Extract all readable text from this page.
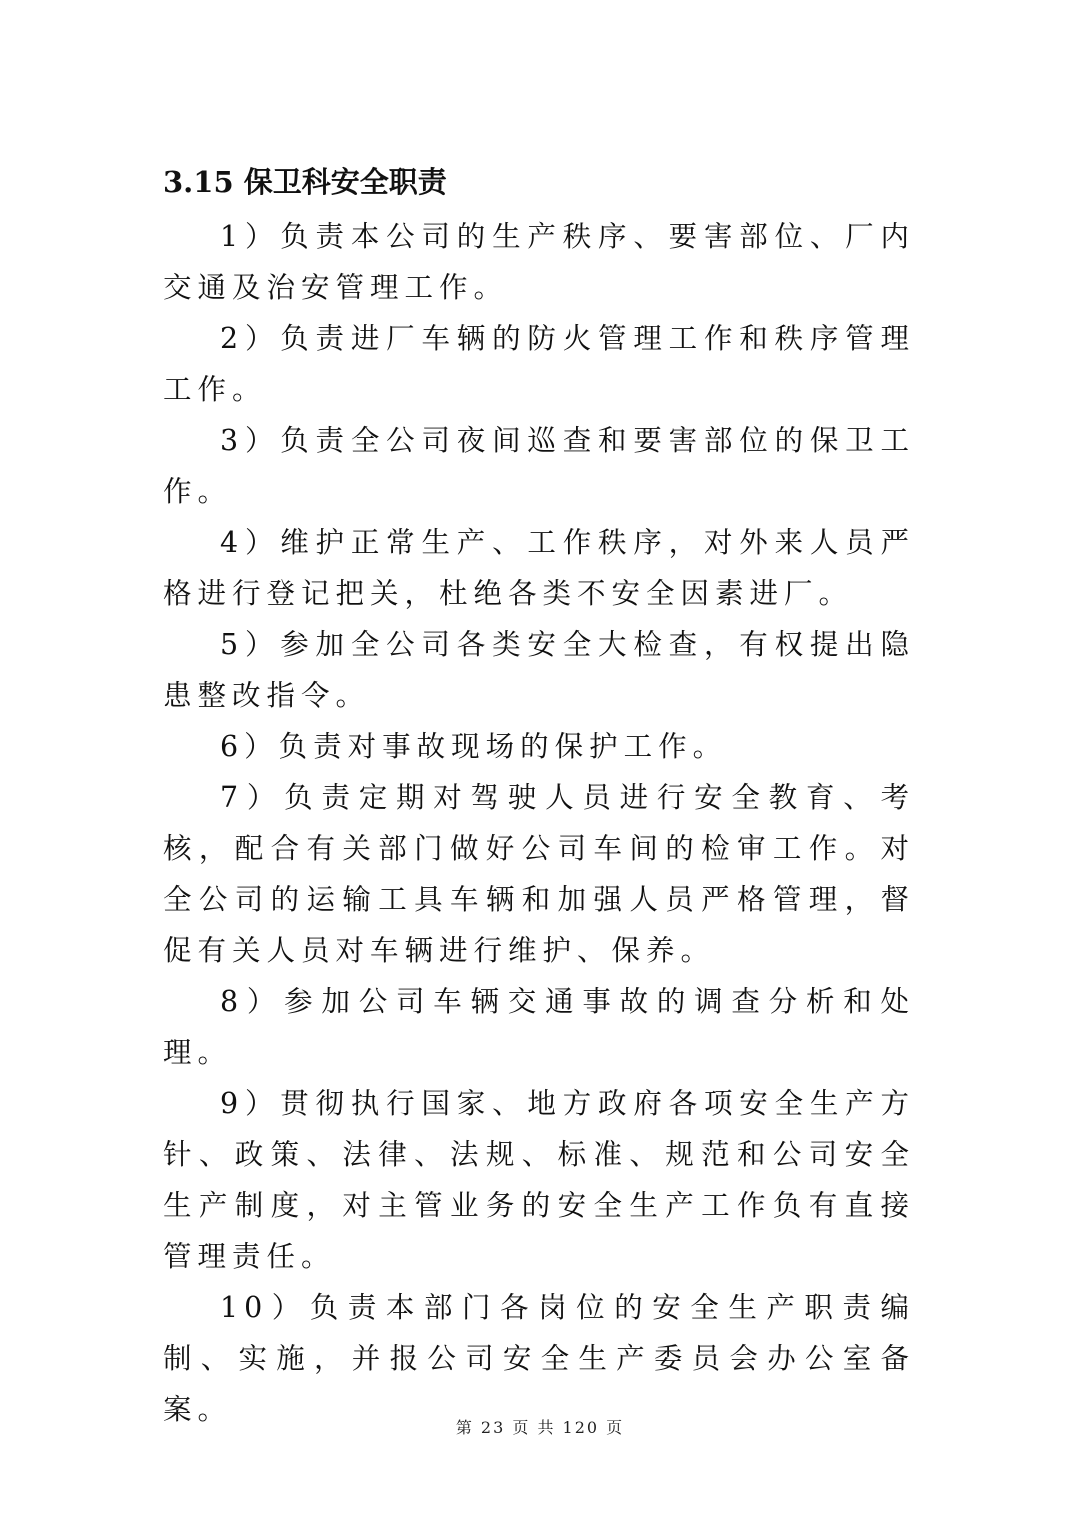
3.15 保卫科安全职责

1）负责本公司的生产秩序、要害部位、厂内交通及治安管理工作。

2）负责进厂车辆的防火管理工作和秩序管理工作。

3）负责全公司夜间巡查和要害部位的保卫工作。

4）维护正常生产、工作秩序，对外来人员严格进行登记把关，杜绝各类不安全因素进厂。

5）参加全公司各类安全大检查，有权提出隐患整改指令。

6）负责对事故现场的保护工作。

7）负责定期对驾驶人员进行安全教育、考核，配合有关部门做好公司车间的检审工作。对全公司的运输工具车辆和加强人员严格管理，督促有关人员对车辆进行维护、保养。

8）参加公司车辆交通事故的调查分析和处理。

9）贯彻执行国家、地方政府各项安全生产方针、政策、法律、法规、标准、规范和公司安全生产制度，对主管业务的安全生产工作负有直接管理责任。

10）负责本部门各岗位的安全生产职责编制、实施，并报公司安全生产委员会办公室备案。

第 23 页 共 120 页
